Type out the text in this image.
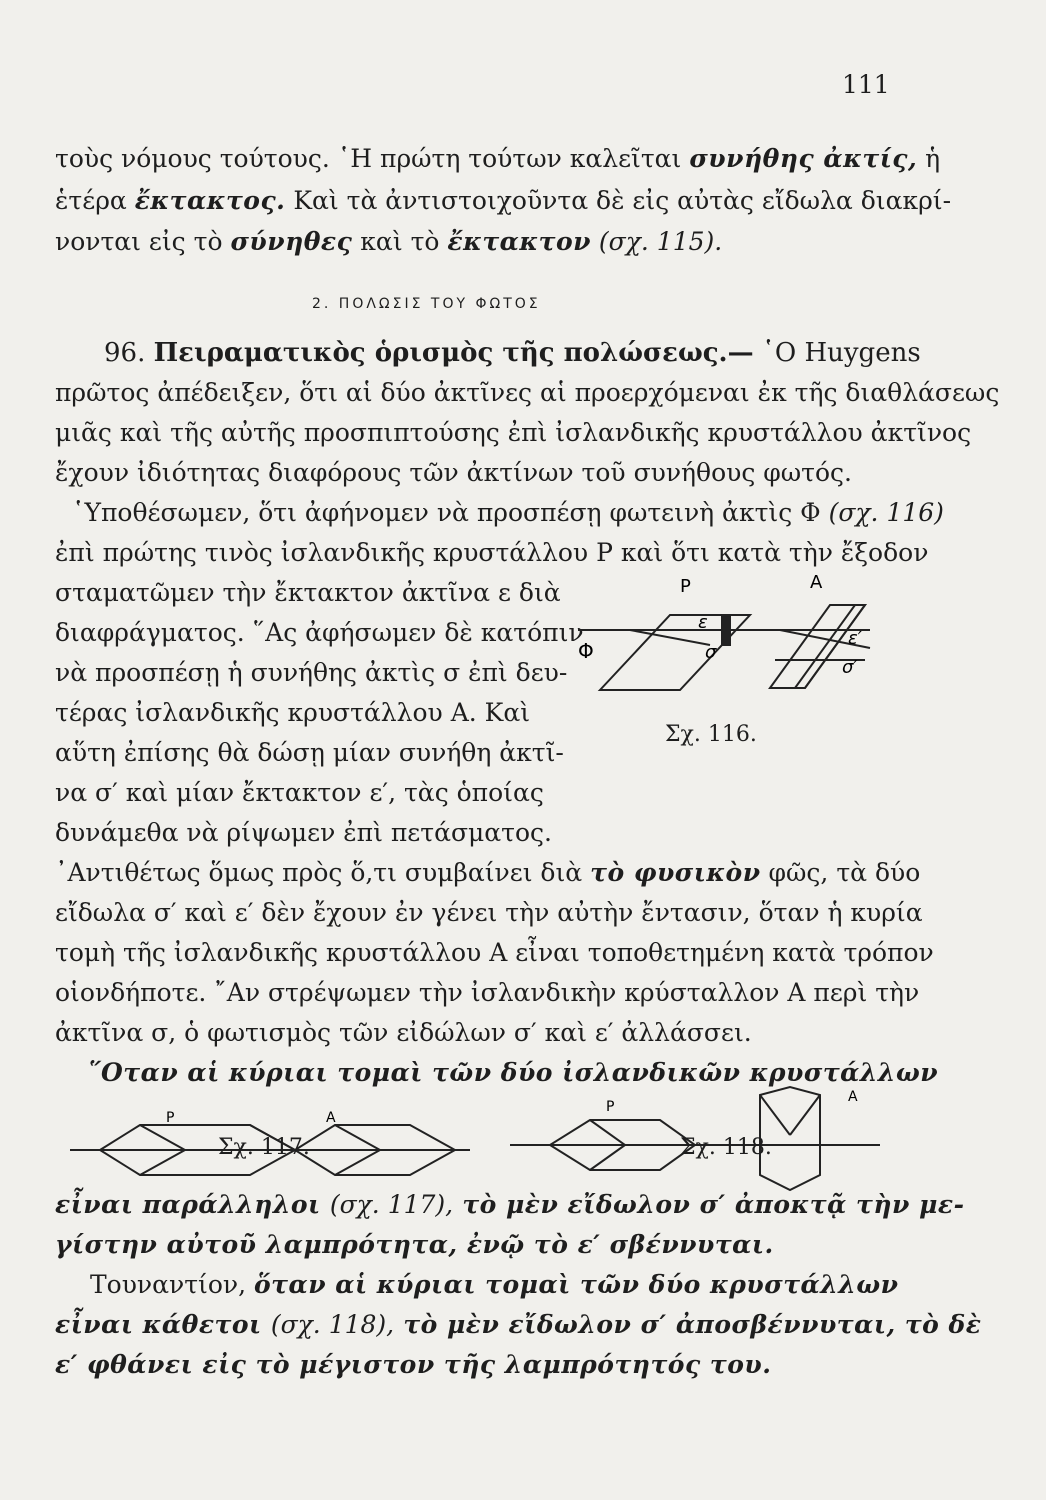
111
τοὺς νόμους τούτους. ῾Η πρώτη τούτων καλεῖται συνήθης ἀκτίς, ἡ
ἑτέρα ἔκτακτος. Καὶ τὰ ἀντιστοιχοῦντα δὲ εἰς αὐτὰς εἴδωλα διακρί-
νονται εἰς τὸ σύνηθες καὶ τὸ ἔκτακτον (σχ. 115).
2. ΠΟΛΩΣΙΣ ΤΟΥ ΦΩΤΟΣ
96. Πειραματικὸς ὁρισμὸς τῆς πολώσεως.— ῾Ο Huygens
πρῶτος ἀπέδειξεν, ὅτι αἱ δύο ἀκτῖνες αἱ προερχόμεναι ἐκ τῆς διαθλάσεως
μιᾶς καὶ τῆς αὐτῆς προσπιπτούσης ἐπὶ ἰσλανδικῆς κρυστάλλου ἀκτῖνος
ἔχουν ἰδιότητας διαφόρους τῶν ἀκτίνων τοῦ συνήθους φωτός.
῾Υποθέσωμεν, ὅτι ἀφήνομεν νὰ προσπέσῃ φωτεινὴ ἀκτὶς Φ (σχ. 116)
ἐπὶ πρώτης τινὸς ἰσλανδικῆς κρυστάλλου Ρ καὶ ὅτι κατὰ τὴν ἔξοδον
σταματῶμεν τὴν ἔκτακτον ἀκτῖνα ε διὰ
διαφράγματος. ῞Ας ἀφήσωμεν δὲ κατόπιν
νὰ προσπέσῃ ἡ συνήθης ἀκτὶς σ ἐπὶ δευ-
τέρας ἰσλανδικῆς κρυστάλλου Α. Καὶ
αὕτη ἐπίσης θὰ δώσῃ μίαν συνήθη ἀκτῖ-
να σ′ καὶ μίαν ἔκτακτον ε′, τὰς ὁποίας
δυνάμεθα νὰ ρίψωμεν ἐπὶ πετάσματος.
᾿Αντιθέτως ὅμως πρὸς ὅ,τι συμβαίνει διὰ τὸ φυσικὸν φῶς, τὰ δύο
εἴδωλα σ′ καὶ ε′ δὲν ἔχουν ἐν γένει τὴν αὐτὴν ἔντασιν, ὅταν ἡ κυρία
τομὴ τῆς ἰσλανδικῆς κρυστάλλου Α εἶναι τοποθετημένη κατὰ τρόπον
οἱονδήποτε. ῎Αν στρέψωμεν τὴν ἰσλανδικὴν κρύσταλλον Α περὶ τὴν
ἀκτῖνα σ, ὁ φωτισμὸς τῶν εἰδώλων σ′ καὶ ε′ ἀλλάσσει.
῞Οταν αἱ κύριαι τομαὶ τῶν δύο ἰσλανδικῶν κρυστάλλων
P	A
Φ
ε
σ
ε′
σ′
Σχ. 116.
P	A
Σχ. 117.
P
A
Σχ. 118.
εἶναι παράλληλοι (σχ. 117), τὸ μὲν εἴδωλον σ′ ἀποκτᾷ τὴν με-
γίστην αὐτοῦ λαμπρότητα, ἐνῷ τὸ ε′ σβέννυται.
Τουναντίον, ὅταν αἱ κύριαι τομαὶ τῶν δύο κρυστάλλων
εἶναι κάθετοι (σχ. 118), τὸ μὲν εἴδωλον σ′ ἀποσβέννυται, τὸ δὲ
ε′ φθάνει εἰς τὸ μέγιστον τῆς λαμπρότητός του.
